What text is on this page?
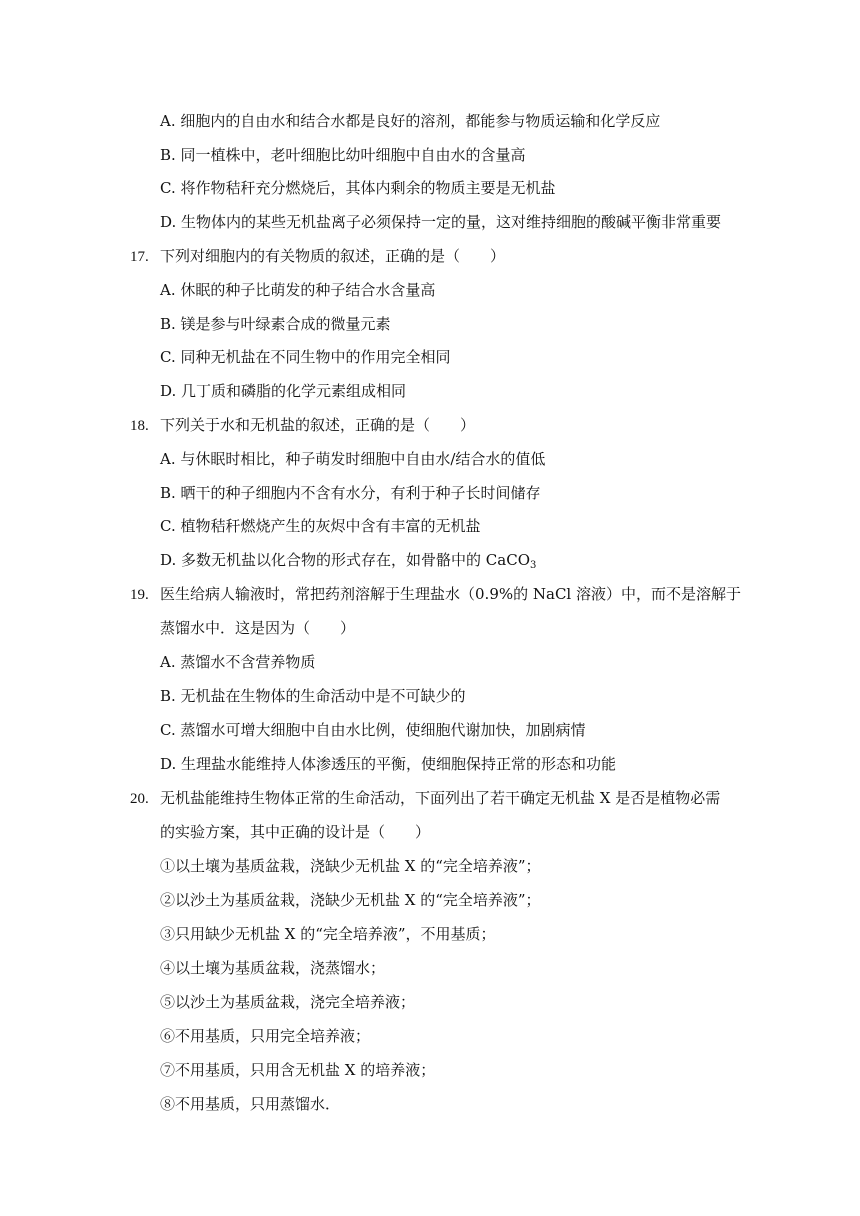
A. 细胞内的自由水和结合水都是良好的溶剂，都能参与物质运输和化学反应
B. 同一植株中，老叶细胞比幼叶细胞中自由水的含量高
C. 将作物秸秆充分燃烧后，其体内剩余的物质主要是无机盐
D. 生物体内的某些无机盐离子必须保持一定的量，这对维持细胞的酸碱平衡非常重要
17. 下列对细胞内的有关物质的叙述，正确的是（　　）
A. 休眠的种子比萌发的种子结合水含量高
B. 镁是参与叶绿素合成的微量元素
C. 同种无机盐在不同生物中的作用完全相同
D. 几丁质和磷脂的化学元素组成相同
18. 下列关于水和无机盐的叙述，正确的是（　　）
A. 与休眠时相比，种子萌发时细胞中自由水/结合水的值低
B. 晒干的种子细胞内不含有水分，有利于种子长时间储存
C. 植物秸秆燃烧产生的灰烬中含有丰富的无机盐
D. 多数无机盐以化合物的形式存在，如骨骼中的 CaCO$_3$
19. 医生给病人输液时，常把药剂溶解于生理盐水（0.9%的 NaCl 溶液）中，而不是溶解于
蒸馏水中．这是因为（　　）
A. 蒸馏水不含营养物质
B. 无机盐在生物体的生命活动中是不可缺少的
C. 蒸馏水可增大细胞中自由水比例，使细胞代谢加快，加剧病情
D. 生理盐水能维持人体渗透压的平衡，使细胞保持正常的形态和功能
20. 无机盐能维持生物体正常的生命活动，下面列出了若干确定无机盐 X 是否是植物必需
的实验方案，其中正确的设计是（　　）
①以土壤为基质盆栽，浇缺少无机盐 X 的“完全培养液”；
②以沙土为基质盆栽，浇缺少无机盐 X 的“完全培养液”；
③只用缺少无机盐 X 的“完全培养液”，不用基质；
④以土壤为基质盆栽，浇蒸馏水；
⑤以沙土为基质盆栽，浇完全培养液；
⑥不用基质，只用完全培养液；
⑦不用基质，只用含无机盐 X 的培养液；
⑧不用基质，只用蒸馏水．
